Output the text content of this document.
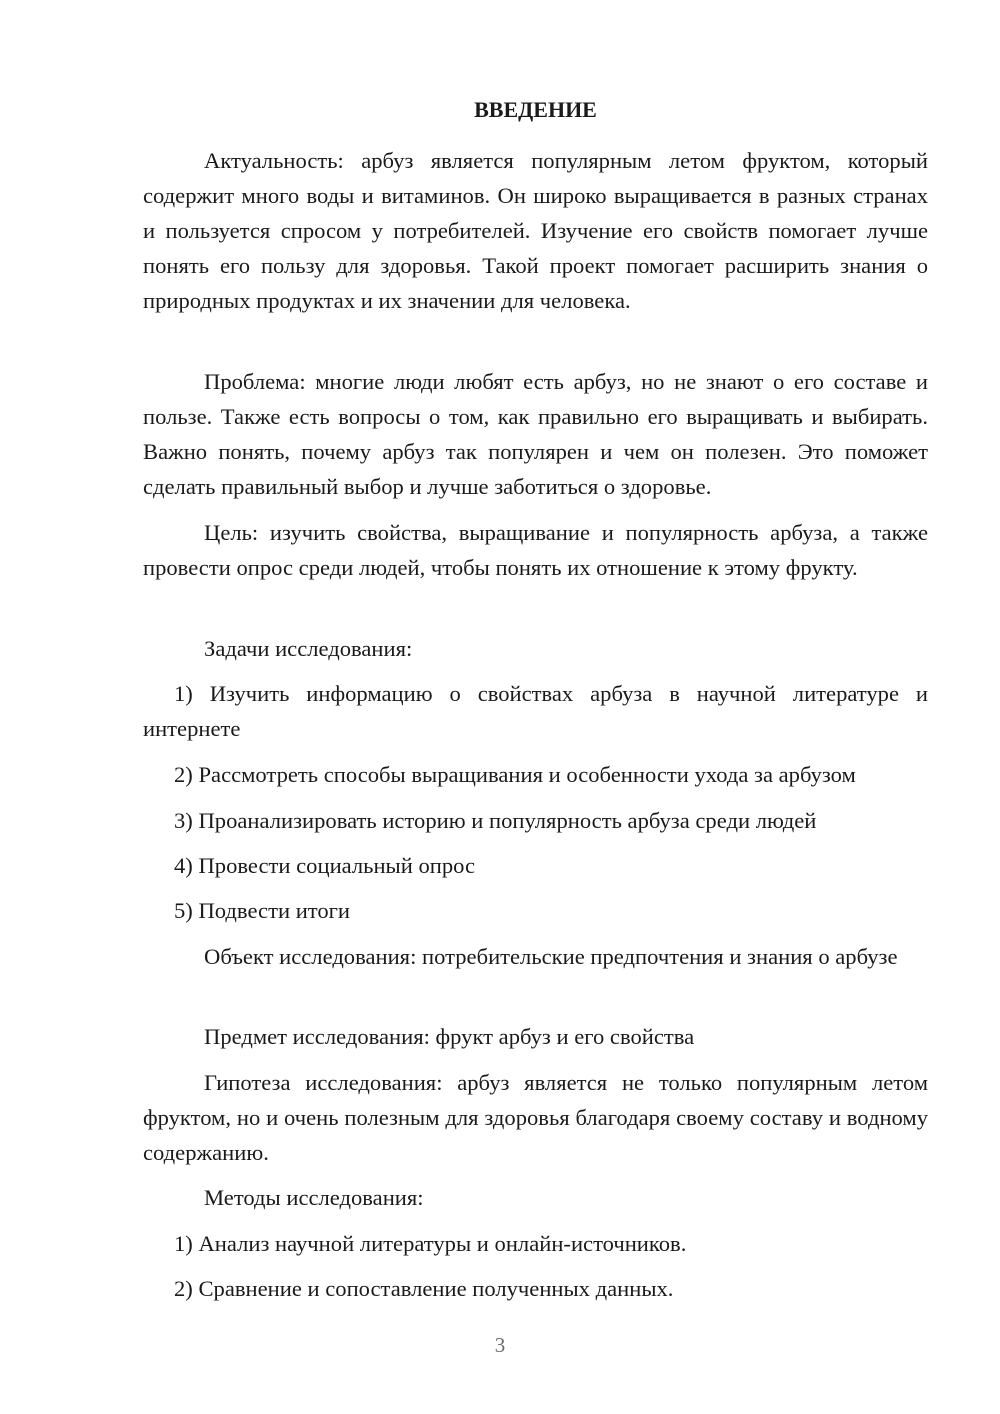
ВВЕДЕНИЕ

Актуальность: арбуз является популярным летом фруктом, который содержит много воды и витаминов. Он широко выращивается в разных странах и пользуется спросом у потребителей. Изучение его свойств помогает лучше понять его пользу для здоровья. Такой проект помогает расширить знания о природных продуктах и их значении для человека.

Проблема: многие люди любят есть арбуз, но не знают о его составе и пользе. Также есть вопросы о том, как правильно его выращивать и выбирать. Важно понять, почему арбуз так популярен и чем он полезен. Это поможет сделать правильный выбор и лучше заботиться о здоровье.

Цель: изучить свойства, выращивание и популярность арбуза, а также провести опрос среди людей, чтобы понять их отношение к этому фрукту.

Задачи исследования:

1) Изучить информацию о свойствах арбуза в научной литературе и интернете

2) Рассмотреть способы выращивания и особенности ухода за арбузом

3) Проанализировать историю и популярность арбуза среди людей

4) Провести социальный опрос

5) Подвести итоги

Объект исследования: потребительские предпочтения и знания о арбузе

Предмет исследования: фрукт арбуз и его свойства

Гипотеза исследования: арбуз является не только популярным летом фруктом, но и очень полезным для здоровья благодаря своему составу и водному содержанию.

Методы исследования:

1) Анализ научной литературы и онлайн-источников.

2) Сравнение и сопоставление полученных данных.

3
